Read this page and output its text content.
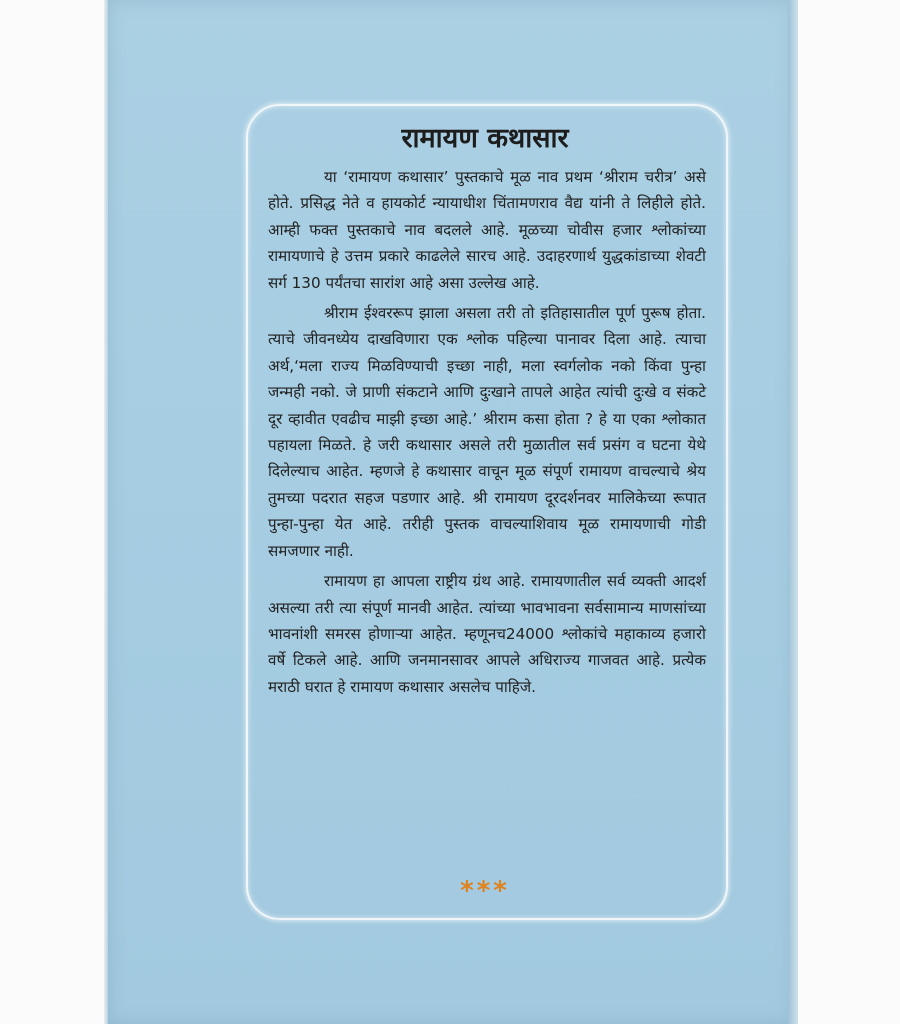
रामायण कथासार

या ‘रामायण कथासार’ पुस्तकाचे मूळ नाव प्रथम ‘श्रीराम चरीत्र’ असे होते. प्रसिद्ध नेते व हायकोर्ट न्यायाधीश चिंतामणराव वैद्य यांनी ते लिहीले होते. आम्ही फक्त पुस्तकाचे नाव बदलले आहे. मूळच्या चोवीस हजार श्लोकांच्या रामायणाचे हे उत्तम प्रकारे काढलेले सारच आहे. उदाहरणार्थ युद्धकांडाच्या शेवटी सर्ग 130 पर्यंतचा सारांश आहे असा उल्लेख आहे.

श्रीराम ईश्वररूप झाला असला तरी तो इतिहासातील पूर्ण पुरूष होता. त्याचे जीवनध्येय दाखविणारा एक श्लोक पहिल्या पानावर दिला आहे. त्याचा अर्थ,‘मला राज्य मिळविण्याची इच्छा नाही, मला स्वर्गलोक नको किंवा पुन्हा जन्मही नको. जे प्राणी संकटाने आणि दुःखाने तापले आहेत त्यांची दुःखे व संकटे दूर व्हावीत एवढीच माझी इच्छा आहे.’ श्रीराम कसा होता ? हे या एका श्लोकात पहायला मिळते. हे जरी कथासार असले तरी मुळातील सर्व प्रसंग व घटना येथे दिलेल्याच आहेत. म्हणजे हे कथासार वाचून मूळ संपूर्ण रामायण वाचल्याचे श्रेय तुमच्या पदरात सहज पडणार आहे. श्री रामायण दूरदर्शनवर मालिकेच्या रूपात पुन्हा-पुन्हा येत आहे. तरीही पुस्तक वाचल्याशिवाय मूळ रामायणाची गोडी समजणार नाही.

रामायण हा आपला राष्ट्रीय ग्रंथ आहे. रामायणातील सर्व व्यक्ती आदर्श असल्या तरी त्या संपूर्ण मानवी आहेत. त्यांच्या भावभावना सर्वसामान्य माणसांच्या भावनांशी समरस होणाऱ्या आहेत. म्हणूनच24000 श्लोकांचे महाकाव्य हजारो वर्षे टिकले आहे. आणि जनमानसावर आपले अधिराज्य गाजवत आहे. प्रत्येक मराठी घरात हे रामायण कथासार असलेच पाहिजे.

***
